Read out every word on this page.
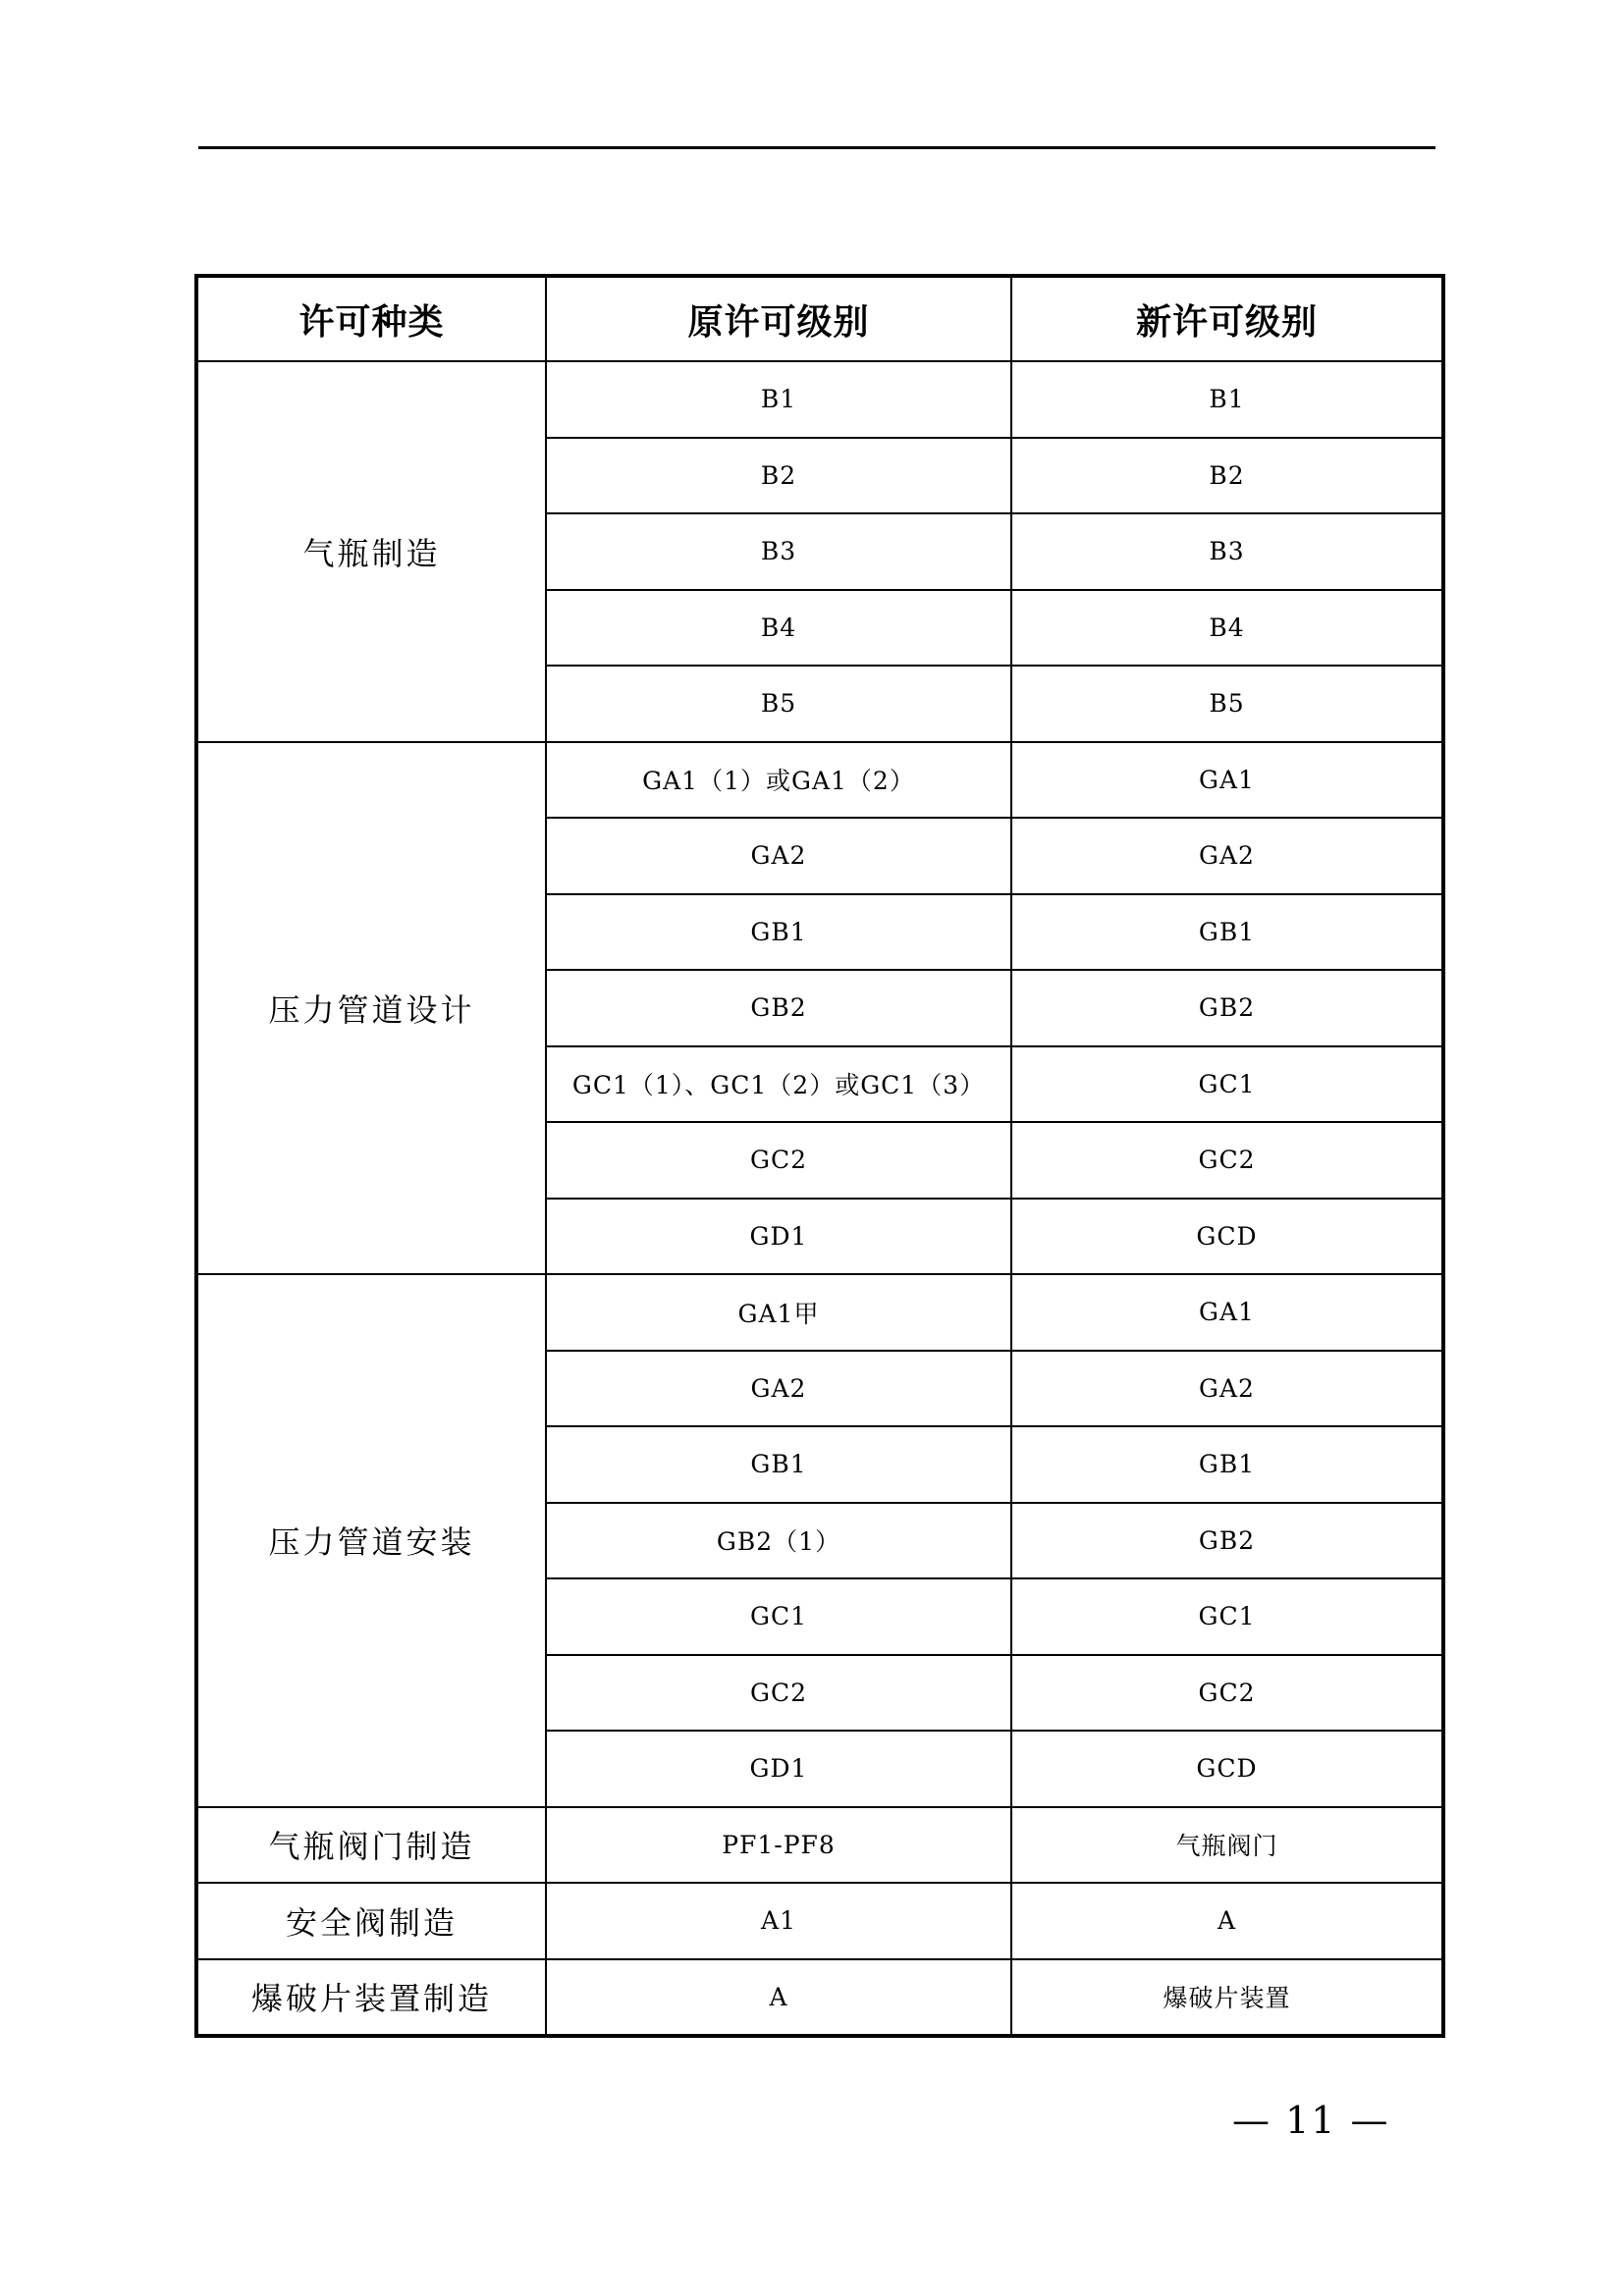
许可种类	原许可级别	新许可级别
气瓶制造	B1	B1
	B2	B2
	B3	B3
	B4	B4
	B5	B5
压力管道设计	GA1（1）或GA1（2）	GA1
	GA2	GA2
	GB1	GB1
	GB2	GB2
	GC1（1）、GC1（2）或GC1（3）	GC1
	GC2	GC2
	GD1	GCD
压力管道安装	GA1甲	GA1
	GA2	GA2
	GB1	GB1
	GB2（1）	GB2
	GC1	GC1
	GC2	GC2
	GD1	GCD
气瓶阀门制造	PF1-PF8	气瓶阀门
安全阀制造	A1	A
爆破片装置制造	A	爆破片装置
— 11 —
